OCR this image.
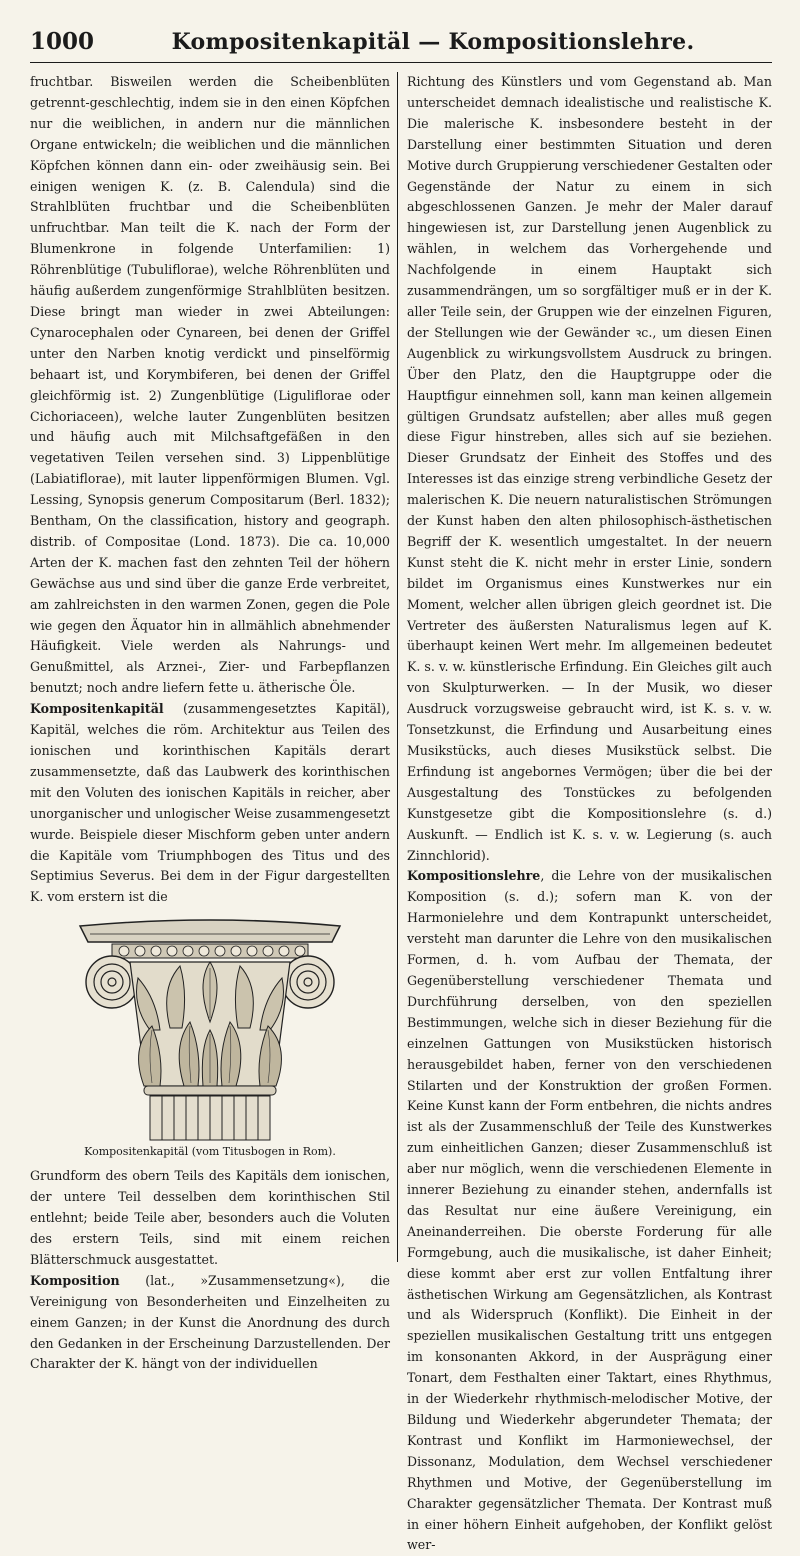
1000	Kompositenkapitäl — Kompositionslehre.

fruchtbar. Bisweilen werden die Scheibenblüten getrennt-geschlechtig, indem sie in den einen Köpfchen nur die weiblichen, in andern nur die männlichen Organe entwickeln; die weiblichen und die männlichen Köpfchen können dann ein- oder zweihäusig sein. Bei einigen wenigen K. (z. B. Calendula) sind die Strahlblüten fruchtbar und die Scheibenblüten unfruchtbar. Man teilt die K. nach der Form der Blumenkrone in folgende Unterfamilien: 1) Röhrenblütige (Tubuliflorae), welche Röhrenblüten und häufig außerdem zungenförmige Strahlblüten besitzen. Diese bringt man wieder in zwei Abteilungen: Cynarocephalen oder Cynareen, bei denen der Griffel unter den Narben knotig verdickt und pinselförmig behaart ist, und Korymbiferen, bei denen der Griffel gleichförmig ist. 2) Zungenblütige (Liguliflorae oder Cichoriaceen), welche lauter Zungenblüten besitzen und häufig auch mit Milchsaftgefäßen in den vegetativen Teilen versehen sind. 3) Lippenblütige (Labiatiflorae), mit lauter lippenförmigen Blumen. Vgl. Lessing, Synopsis generum Compositarum (Berl. 1832); Bentham, On the classification, history and geograph. distrib. of Compositae (Lond. 1873). Die ca. 10,000 Arten der K. machen fast den zehnten Teil der höhern Gewächse aus und sind über die ganze Erde verbreitet, am zahlreichsten in den warmen Zonen, gegen die Pole wie gegen den Äquator hin in allmählich abnehmender Häufigkeit. Viele werden als Nahrungs- und Genußmittel, als Arznei-, Zier- und Farbepflanzen benutzt; noch andre liefern fette u. ätherische Öle.

Kompositenkapitäl (zusammengesetztes Kapitäl), Kapitäl, welches die röm. Architektur aus Teilen des ionischen und korinthischen Kapitäls derart zusammensetzte, daß das Laubwerk des korinthischen mit den Voluten des ionischen Kapitäls in reicher, aber unorganischer und unlogischer Weise zusammengesetzt wurde. Beispiele dieser Mischform geben unter andern die Kapitäle vom Triumphbogen des Titus und des Septimius Severus. Bei dem in der Figur dargestellten K. vom erstern ist die

Kompositenkapitäl (vom Titusbogen in Rom).

Grundform des obern Teils des Kapitäls dem ionischen, der untere Teil desselben dem korinthischen Stil entlehnt; beide Teile aber, besonders auch die Voluten des erstern Teils, sind mit einem reichen Blätterschmuck ausgestattet.

Komposition (lat., »Zusammensetzung«), die Vereinigung von Besonderheiten und Einzelheiten zu einem Ganzen; in der Kunst die Anordnung des durch den Gedanken in der Erscheinung Darzustellenden. Der Charakter der K. hängt von der individuellen

Richtung des Künstlers und vom Gegenstand ab. Man unterscheidet demnach idealistische und realistische K. Die malerische K. insbesondere besteht in der Darstellung einer bestimmten Situation und deren Motive durch Gruppierung verschiedener Gestalten oder Gegenstände der Natur zu einem in sich abgeschlossenen Ganzen. Je mehr der Maler darauf hingewiesen ist, zur Darstellung jenen Augenblick zu wählen, in welchem das Vorhergehende und Nachfolgende in einem Hauptakt sich zusammendrängen, um so sorgfältiger muß er in der K. aller Teile sein, der Gruppen wie der einzelnen Figuren, der Stellungen wie der Gewänder ꝛc., um diesen Einen Augenblick zu wirkungsvollstem Ausdruck zu bringen. Über den Platz, den die Hauptgruppe oder die Hauptfigur einnehmen soll, kann man keinen allgemein gültigen Grundsatz aufstellen; aber alles muß gegen diese Figur hinstreben, alles sich auf sie beziehen. Dieser Grundsatz der Einheit des Stoffes und des Interesses ist das einzige streng verbindliche Gesetz der malerischen K. Die neuern naturalistischen Strömungen der Kunst haben den alten philosophisch-ästhetischen Begriff der K. wesentlich umgestaltet. In der neuern Kunst steht die K. nicht mehr in erster Linie, sondern bildet im Organismus eines Kunstwerkes nur ein Moment, welcher allen übrigen gleich geordnet ist. Die Vertreter des äußersten Naturalismus legen auf K. überhaupt keinen Wert mehr. Im allgemeinen bedeutet K. s. v. w. künstlerische Erfindung. Ein Gleiches gilt auch von Skulpturwerken. — In der Musik, wo dieser Ausdruck vorzugsweise gebraucht wird, ist K. s. v. w. Tonsetzkunst, die Erfindung und Ausarbeitung eines Musikstücks, auch dieses Musikstück selbst. Die Erfindung ist angebornes Vermögen; über die bei der Ausgestaltung des Tonstückes zu befolgenden Kunstgesetze gibt die Kompositionslehre (s. d.) Auskunft. — Endlich ist K. s. v. w. Legierung (s. auch Zinnchlorid).

Kompositionslehre, die Lehre von der musikalischen Komposition (s. d.); sofern man K. von der Harmonielehre und dem Kontrapunkt unterscheidet, versteht man darunter die Lehre von den musikalischen Formen, d. h. vom Aufbau der Themata, der Gegenüberstellung verschiedener Themata und Durchführung derselben, von den speziellen Bestimmungen, welche sich in dieser Beziehung für die einzelnen Gattungen von Musikstücken historisch herausgebildet haben, ferner von den verschiedenen Stilarten und der Konstruktion der großen Formen. Keine Kunst kann der Form entbehren, die nichts andres ist als der Zusammenschluß der Teile des Kunstwerkes zum einheitlichen Ganzen; dieser Zusammenschluß ist aber nur möglich, wenn die verschiedenen Elemente in innerer Beziehung zu einander stehen, andernfalls ist das Resultat nur eine äußere Vereinigung, ein Aneinanderreihen. Die oberste Forderung für alle Formgebung, auch die musikalische, ist daher Einheit; diese kommt aber erst zur vollen Entfaltung ihrer ästhetischen Wirkung am Gegensätzlichen, als Kontrast und als Widerspruch (Konflikt). Die Einheit in der speziellen musikalischen Gestaltung tritt uns entgegen im konsonanten Akkord, in der Ausprägung einer Tonart, dem Festhalten einer Taktart, eines Rhythmus, in der Wiederkehr rhythmisch-melodischer Motive, der Bildung und Wiederkehr abgerundeter Themata; der Kontrast und Konflikt im Harmoniewechsel, der Dissonanz, Modulation, dem Wechsel verschiedener Rhythmen und Motive, der Gegenüberstellung im Charakter gegensätzlicher Themata. Der Kontrast muß in einer höhern Einheit aufgehoben, der Konflikt gelöst wer-
